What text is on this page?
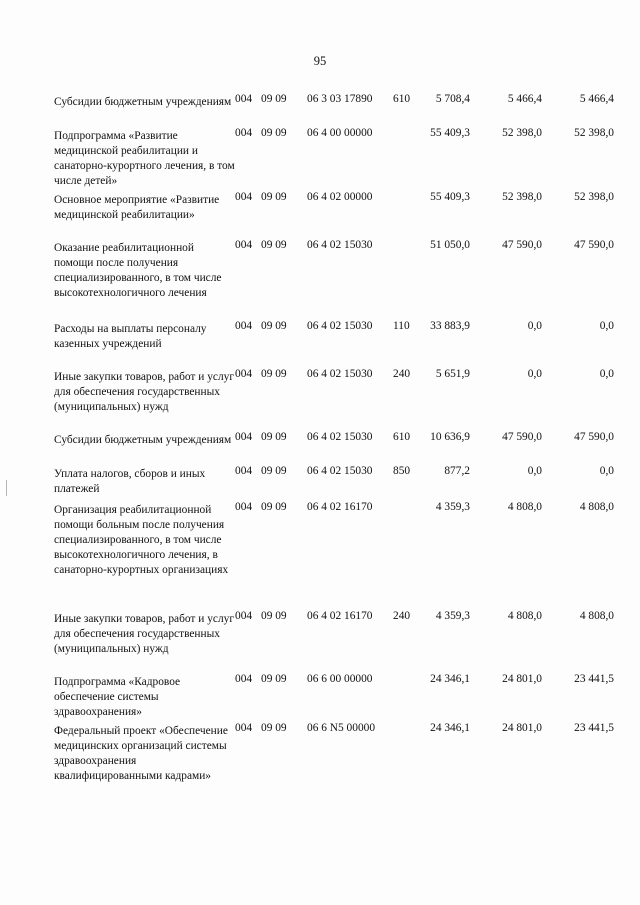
95
Субсидии бюджетным учреждениям 004 09 09 06 3 03 17890 610	5 708,4	5 466,4	5 466,4
Подпрограмма «Развитие медицинской реабилитации и санаторно-курортного лечения, в том числе детей»
004 09 09 06 4 00 00000	55 409,3	52 398,0	52 398,0
Основное мероприятие «Развитие медицинской реабилитации»
004 09 09 06 4 02 00000	55 409,3	52 398,0	52 398,0
Оказание реабилитационной помощи после получения специализированного, в том числе высокотехнологичного лечения
004 09 09 06 4 02 15030	51 050,0	47 590,0	47 590,0
Расходы на выплаты персоналу казенных учреждений
004 09 09 06 4 02 15030 110	33 883,9	0,0	0,0
Иные закупки товаров, работ и услуг для обеспечения государственных (муниципальных) нужд
004 09 09 06 4 02 15030 240	5 651,9	0,0	0,0
Субсидии бюджетным учреждениям 004 09 09 06 4 02 15030 610	10 636,9	47 590,0	47 590,0
Уплата налогов, сборов и иных платежей
004 09 09 06 4 02 15030 850	877,2	0,0	0,0
Организация реабилитационной помощи больным после получения специализированного, в том числе высокотехнологичного лечения, в санаторно-курортных организациях
004 09 09 06 4 02 16170	4 359,3	4 808,0	4 808,0
Иные закупки товаров, работ и услуг для обеспечения государственных (муниципальных) нужд
004 09 09 06 4 02 16170 240	4 359,3	4 808,0	4 808,0
Подпрограмма «Кадровое обеспечение системы здравоохранения»
004 09 09 06 6 00 00000	24 346,1	24 801,0	23 441,5
Федеральный проект «Обеспечение медицинских организаций системы здравоохранения квалифицированными кадрами»
004 09 09 06 6 N5 00000	24 346,1	24 801,0	23 441,5
